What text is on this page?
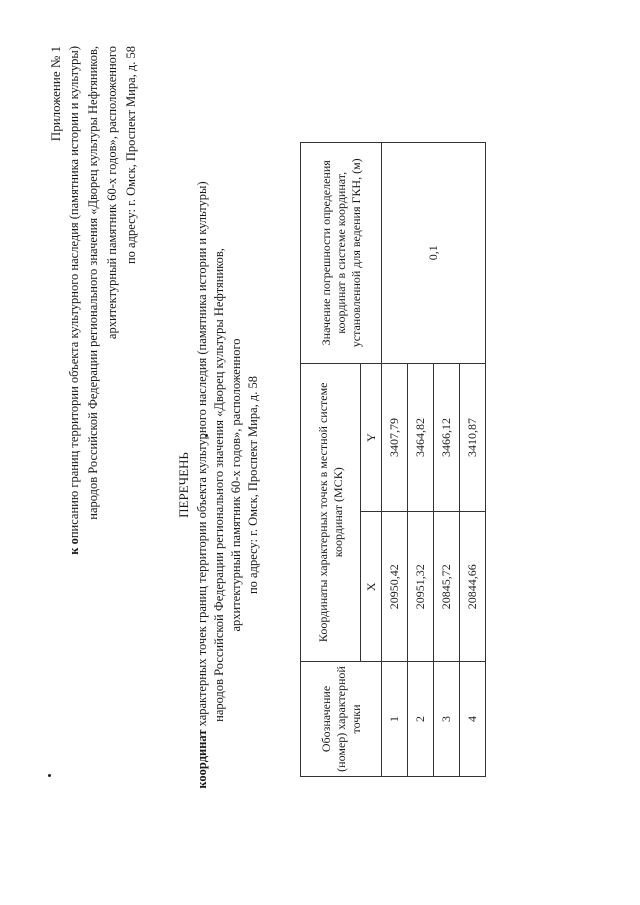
Приложение № 1
к описанию границ территории объекта культурного наследия (памятника истории и культуры) народов Российской Федерации регионального значения «Дворец культуры Нефтяников, архитектурный памятник 60-х годов», расположенного по адресу: г. Омск, Проспект Мира, д. 58
ПЕРЕЧЕНЬ
координат характерных точек границ территории объекта культурного наследия (памятника истории и культуры) народов Российской Федерации регионального значения «Дворец культуры Нефтяников, архитектурный памятник 60-х годов», расположенного по адресу: г. Омск, Проспект Мира, д. 58
Обозначение (номер) характерной точки	Координаты характерных точек в местной системе координат (МСК)		Значение погрешности определения координат в системе координат, установленной для ведения ГКН, (м)
	X	Y	
1	20950,42	3407,79	0,1
2	20951,32	3464,82	
3	20845,72	3466,12	
4	20844,66	3410,87	
